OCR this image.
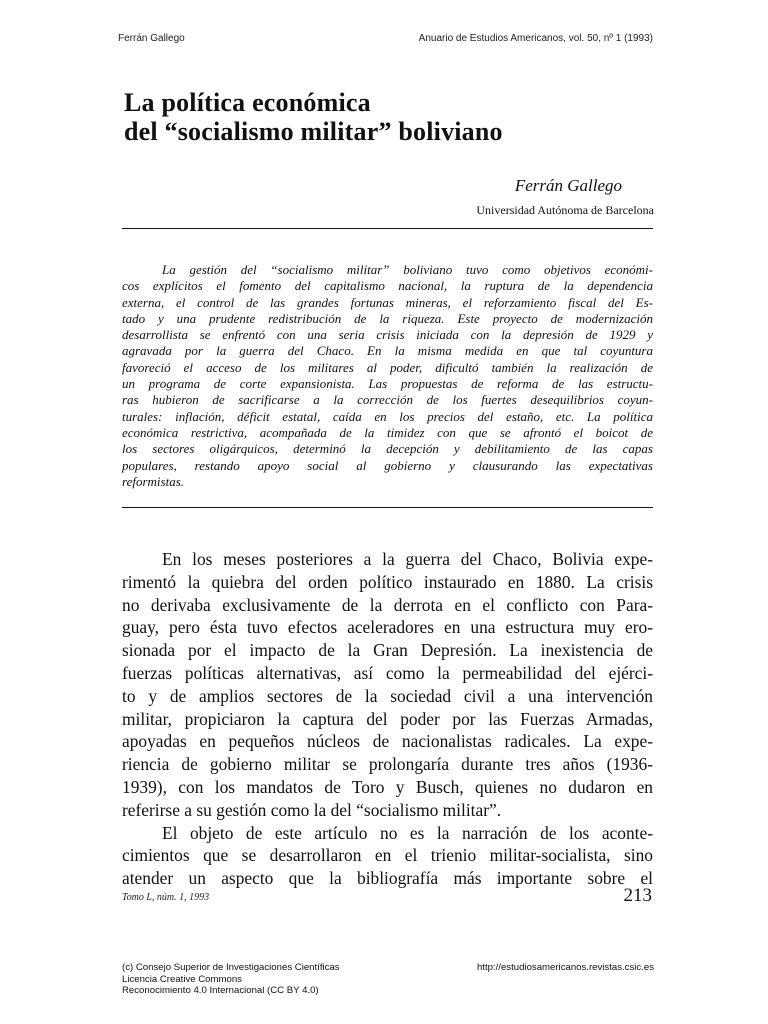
Ferrán Gallego	Anuario de Estudios Americanos, vol. 50, nº 1 (1993)
La política económica
del “socialismo militar” boliviano
Ferrán Gallego
Universidad Autónoma de Barcelona
La gestión del “socialismo militar” boliviano tuvo como objetivos económi-
cos explícitos el fomento del capitalismo nacional, la ruptura de la dependencia
externa, el control de las grandes fortunas mineras, el reforzamiento fiscal del Es-
tado y una prudente redistribución de la riqueza. Este proyecto de modernización
desarrollista se enfrentó con una seria crisis iniciada con la depresión de 1929 y
agravada por la guerra del Chaco. En la misma medida en que tal coyuntura
favoreció el acceso de los militares al poder, dificultó también la realización de
un programa de corte expansionista. Las propuestas de reforma de las estructu-
ras hubieron de sacrificarse a la corrección de los fuertes desequilibrios coyun-
turales: inflación, déficit estatal, caída en los precios del estaño, etc. La política
económica restrictiva, acompañada de la timidez con que se afrontó el boicot de
los sectores oligárquicos, determinó la decepción y debilitamiento de las capas
populares, restando apoyo social al gobierno y clausurando las expectativas
reformistas.
En los meses posteriores a la guerra del Chaco, Bolivia expe-
rimentó la quiebra del orden político instaurado en 1880. La crisis
no derivaba exclusivamente de la derrota en el conflicto con Para-
guay, pero ésta tuvo efectos aceleradores en una estructura muy ero-
sionada por el impacto de la Gran Depresión. La inexistencia de
fuerzas políticas alternativas, así como la permeabilidad del ejérci-
to y de amplios sectores de la sociedad civil a una intervención
militar, propiciaron la captura del poder por las Fuerzas Armadas,
apoyadas en pequeños núcleos de nacionalistas radicales. La expe-
riencia de gobierno militar se prolongaría durante tres años (1936-
1939), con los mandatos de Toro y Busch, quienes no dudaron en
referirse a su gestión como la del “socialismo militar”.
El objeto de este artículo no es la narración de los aconte-
cimientos que se desarrollaron en el trienio militar-socialista, sino
atender un aspecto que la bibliografía más importante sobre el
Tomo L, núm. 1, 1993	213
(c) Consejo Superior de Investigaciones Científicas
Licencia Creative Commons
Reconocimiento 4.0 Internacional (CC BY 4.0)
http://estudiosamericanos.revistas.csic.es
